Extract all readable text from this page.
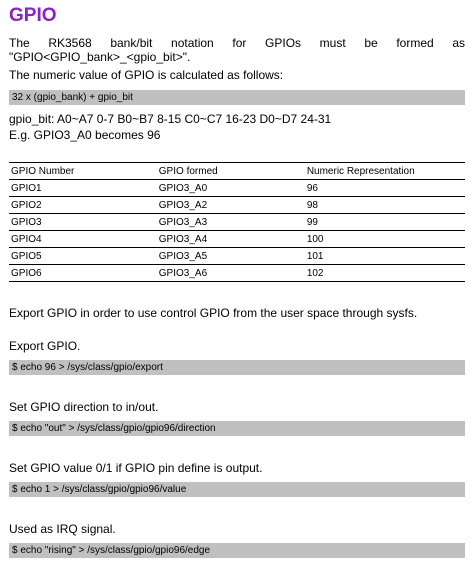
GPIO

The RK3568 bank/bit notation for GPIOs must be formed as "GPIO<GPIO_bank>_<gpio_bit>".

The numeric value of GPIO is calculated as follows:

32 x (gpio_bank) + gpio_bit

gpio_bit: A0~A7 0-7 B0~B7 8-15 C0~C7 16-23 D0~D7 24-31

E.g. GPIO3_A0 becomes 96

GPIO Number	GPIO formed	Numeric Representation
GPIO1	GPIO3_A0	96
GPIO2	GPIO3_A2	98
GPIO3	GPIO3_A3	99
GPIO4	GPIO3_A4	100
GPIO5	GPIO3_A5	101
GPIO6	GPIO3_A6	102

Export GPIO in order to use control GPIO from the user space through sysfs.

Export GPIO.

$ echo 96 > /sys/class/gpio/export

Set GPIO direction to in/out.

$ echo "out" > /sys/class/gpio/gpio96/direction

Set GPIO value 0/1 if GPIO pin define is output.

$ echo 1 > /sys/class/gpio/gpio96/value

Used as IRQ signal.

$ echo "rising" > /sys/class/gpio/gpio96/edge
